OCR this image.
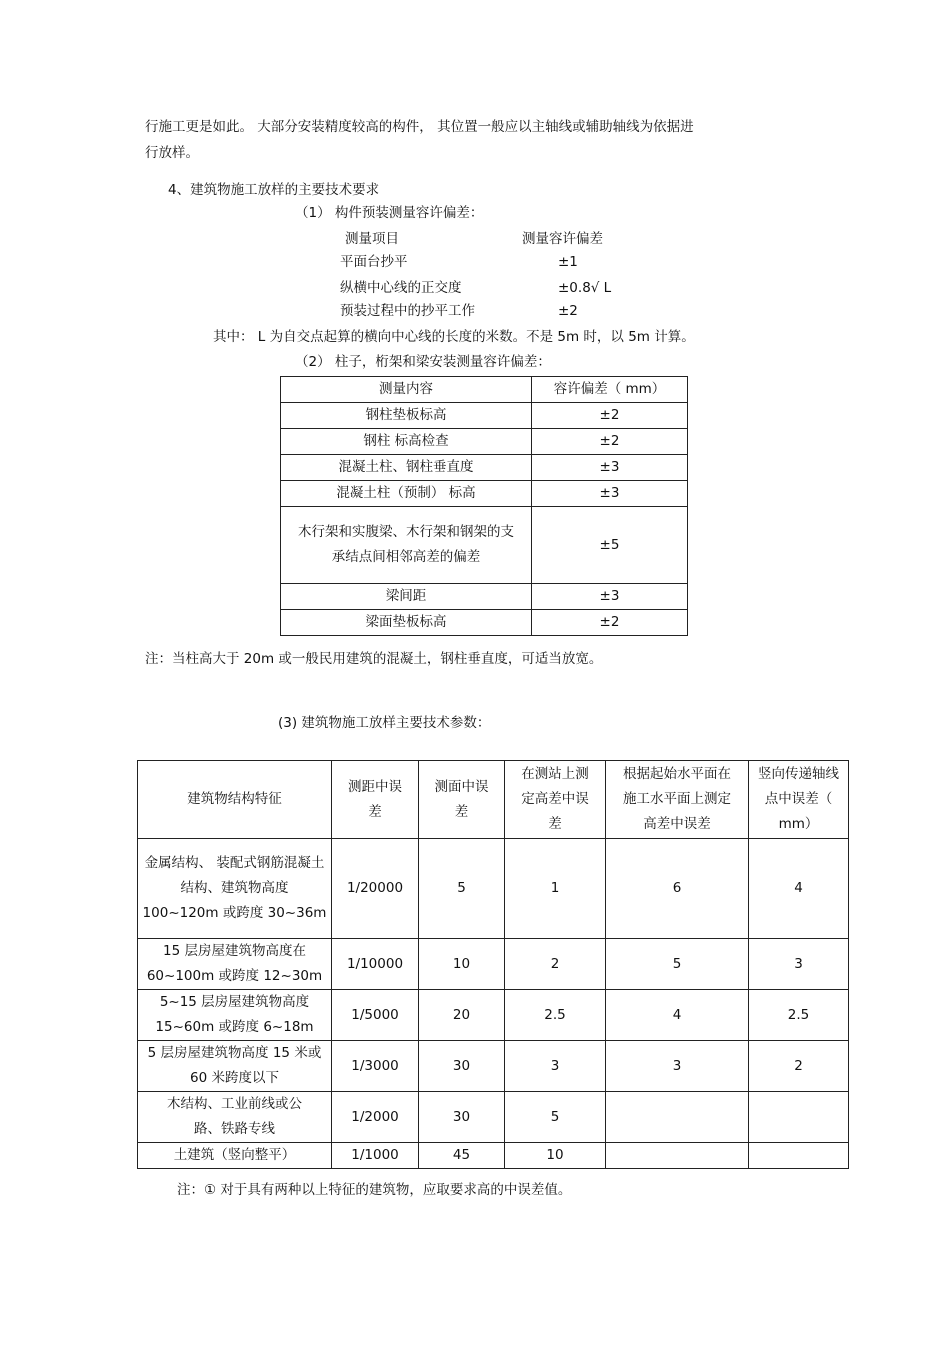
行施工更是如此。 大部分安装精度较高的构件， 其位置一般应以主轴线或辅助轴线为依据进
行放样。
4、建筑物施工放样的主要技术要求
（1） 构件预装测量容许偏差：
测量项目	测量容许偏差
平面台抄平	±1
纵横中心线的正交度	±0.8√ L
预装过程中的抄平工作	±2
其中： L 为自交点起算的横向中心线的长度的米数。不是 5m 时，以 5m 计算。
（2） 柱子，桁架和梁安装测量容许偏差：
测量内容	容许偏差（ mm）
钢柱垫板标高	±2
钢柱 标高检查	±2
混凝土柱、钢柱垂直度	±3
混凝土柱（预制） 标高	±3
木行架和实腹梁、木行架和钢架的支承结点间相邻高差的偏差	±5
梁间距	±3
梁面垫板标高	±2
注：当柱高大于 20m 或一般民用建筑的混凝土，钢柱垂直度，可适当放宽。
(3) 建筑物施工放样主要技术参数：
建筑物结构特征	测距中误差	测面中误差	在测站上测定高差中误差	根据起始水平面在施工水平面上测定高差中误差	竖向传递轴线点中误差（ mm）
金属结构、 装配式钢筋混凝土结构、建筑物高度 100~120m 或跨度 30~36m	1/20000	5	1	6	4
15 层房屋建筑物高度在 60~100m 或跨度 12~30m	1/10000	10	2	5	3
5~15 层房屋建筑物高度 15~60m 或跨度 6~18m	1/5000	20	2.5	4	2.5
5 层房屋建筑物高度 15 米或 60 米跨度以下	1/3000	30	3	3	2
木结构、工业前线或公路、铁路专线	1/2000	30	5		
土建筑（竖向整平）	1/1000	45	10		
注：① 对于具有两种以上特征的建筑物，应取要求高的中误差值。
